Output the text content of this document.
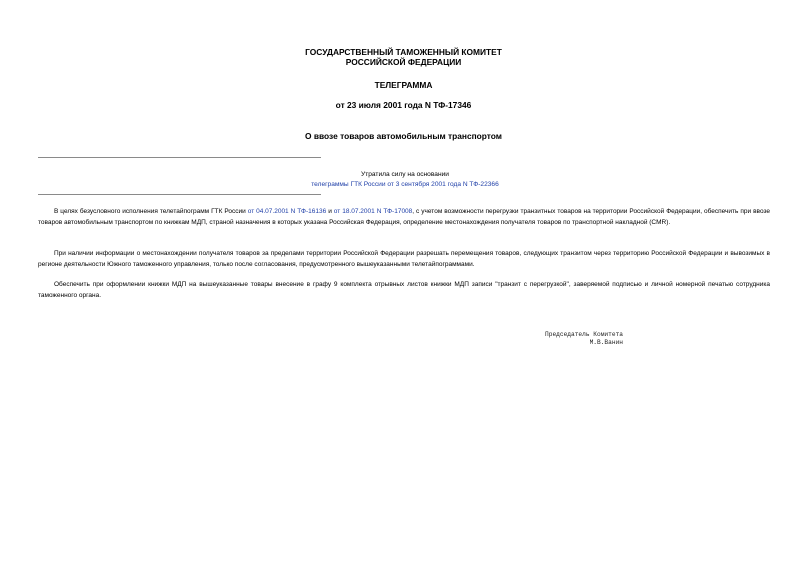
ГОСУДАРСТВЕННЫЙ ТАМОЖЕННЫЙ КОМИТЕТ
РОССИЙСКОЙ ФЕДЕРАЦИИ
ТЕЛЕГРАММА
от 23 июля 2001 года N ТФ-17346
О ввозе товаров автомобильным транспортом
Утратила силу на основании
телеграммы ГТК России от 3 сентября 2001 года N ТФ-22366
В целях безусловного исполнения телетайпограмм ГТК России от 04.07.2001 N ТФ-16136 и от 18.07.2001 N ТФ-17008, с учетом возможности перегрузки транзитных товаров на территории Российской Федерации, обеспечить при ввозе товаров автомобильным транспортом по книжкам МДП, страной назначения в которых указана Российская Федерация, определение местонахождения получателя товаров по транспортной накладной (CMR).
При наличии информации о местонахождении получателя товаров за пределами территории Российской Федерации разрешать перемещения товаров, следующих транзитом через территорию Российской Федерации и вывозимых в регионе деятельности Южного таможенного управления, только после согласования, предусмотренного вышеуказанными телетайпограммами.
Обеспечить при оформлении книжки МДП на вышеуказанные товары внесение в графу 9 комплекта отрывных листов книжки МДП записи "транзит с перегрузкой", заверяемой подписью и личной номерной печатью сотрудника таможенного органа.
Председатель Комитета
М.В.Ванин
